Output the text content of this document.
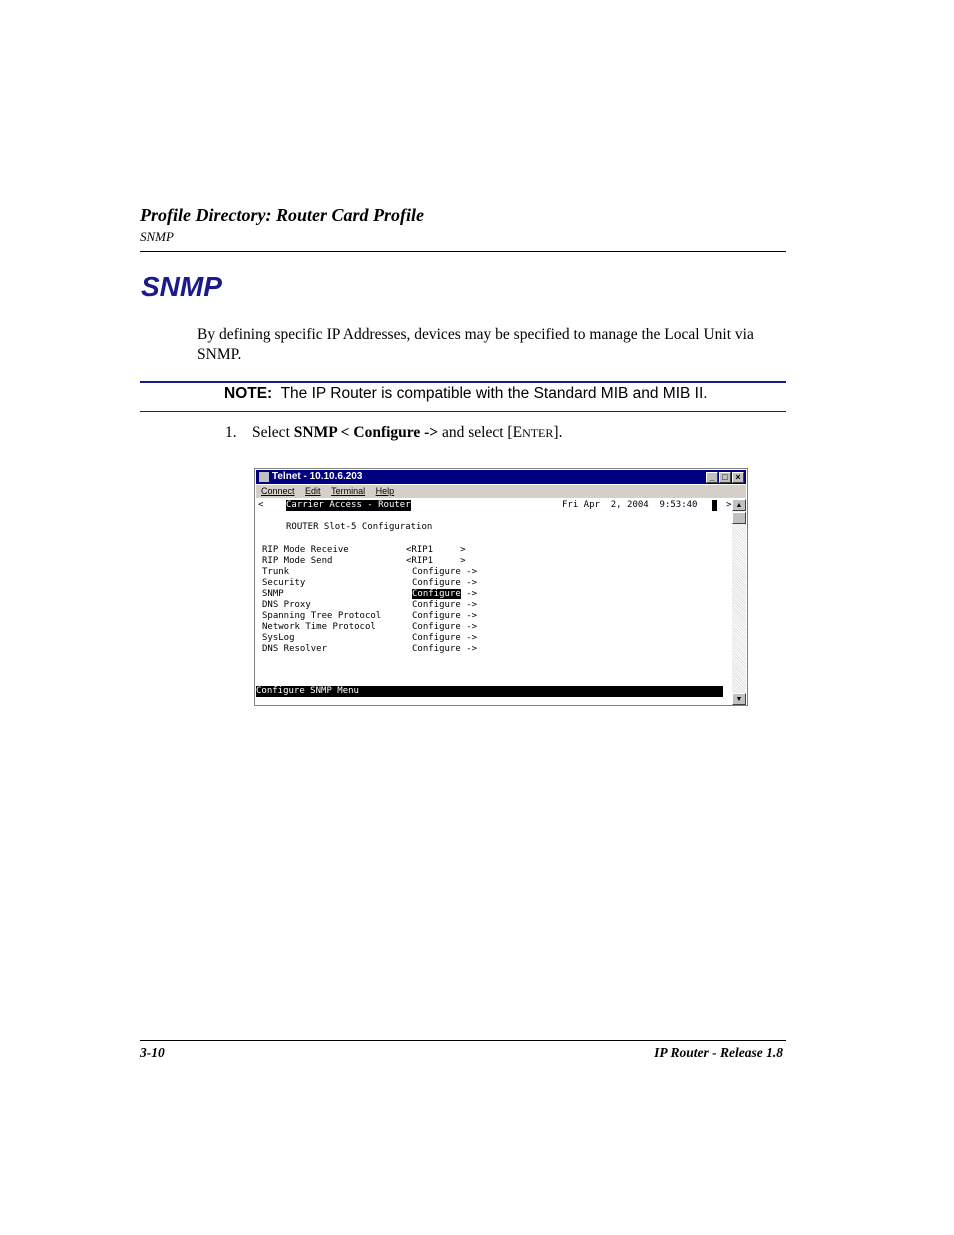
Profile Directory: Router Card Profile
SNMP
SNMP
By defining specific IP Addresses, devices may be specified to manage the Local Unit via SNMP.
NOTE: The IP Router is compatible with the Standard MIB and MIB II.
1. Select SNMP < Configure -> and select [ENTER].
Telnet - 10.10.6.203	_ □ ×
Connect Edit Terminal Help
<	Carrier Access - Router	Fri Apr  2, 2004  9:53:40
	>
ROUTER Slot-5 Configuration
RIP Mode Receive	<RIP1     >
RIP Mode Send	<RIP1     >
Trunk	Configure ->
Security	Configure ->
SNMP	Configure ->
DNS Proxy	Configure ->
Spanning Tree Protocol	Configure ->
Network Time Protocol	Configure ->
SysLog	Configure ->
DNS Resolver	Configure ->
Configure SNMP Menu
▲
▼
3-10	IP Router - Release 1.8
